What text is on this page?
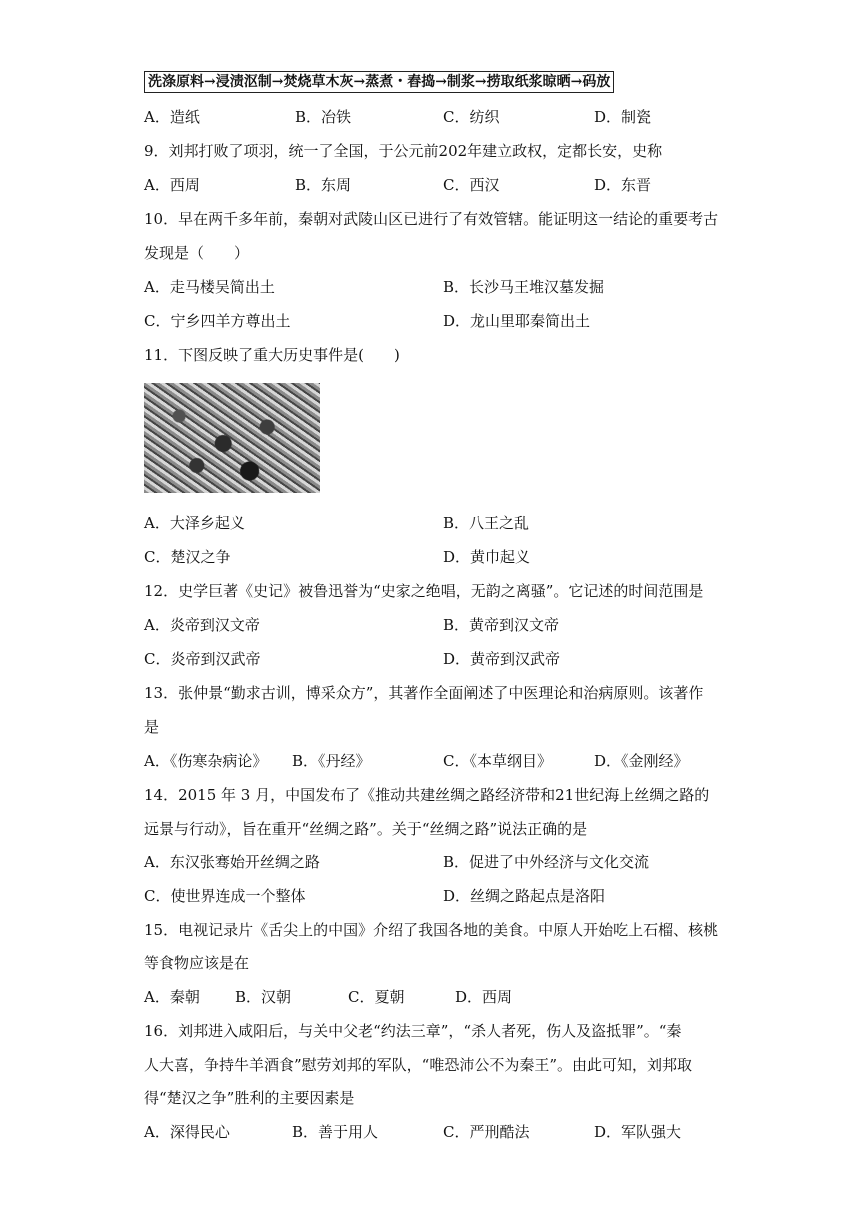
洗涤原料→浸渍沤制→焚烧草木灰→蒸煮・舂捣→制浆→捞取纸浆晾晒→码放
A．造纸	B．冶铁	C．纺织	D．制瓷
9．刘邦打败了项羽，统一了全国，于公元前202年建立政权，定都长安，史称
A．西周	B．东周	C．西汉	D．东晋
10．早在两千多年前，秦朝对武陵山区已进行了有效管辖。能证明这一结论的重要考古
发现是（　　）
A．走马楼吴简出土	B．长沙马王堆汉墓发掘
C．宁乡四羊方尊出土	D．龙山里耶秦简出土
11．下图反映了重大历史事件是(　　)
A．大泽乡起义	B．八王之乱
C．楚汉之争	D．黄巾起义
12．史学巨著《史记》被鲁迅誉为“史家之绝唱，无韵之离骚”。它记述的时间范围是
A．炎帝到汉文帝	B．黄帝到汉文帝
C．炎帝到汉武帝	D．黄帝到汉武帝
13．张仲景“勤求古训，博采众方”，其著作全面阐述了中医理论和治病原则。该著作
是
A．《伤寒杂病论》 B．《丹经》	C．《本草纲目》	D．《金刚经》
14．2015 年 3 月，中国发布了《推动共建丝绸之路经济带和21世纪海上丝绸之路的
远景与行动》，旨在重开“丝绸之路”。关于“丝绸之路”说法正确的是
A．东汉张骞始开丝绸之路	B．促进了中外经济与文化交流
C．使世界连成一个整体	D．丝绸之路起点是洛阳
15．电视记录片《舌尖上的中国》介绍了我国各地的美食。中原人开始吃上石榴、核桃
等食物应该是在
A．秦朝 B．汉朝	C．夏朝	D．西周
16．刘邦进入咸阳后，与关中父老“约法三章”，“杀人者死，伤人及盗抵罪”。“秦
人大喜，争持牛羊酒食”慰劳刘邦的军队，“唯恐沛公不为秦王”。由此可知，刘邦取
得“楚汉之争”胜利的主要因素是
A．深得民心	B．善于用人	C．严刑酷法	D．军队强大
